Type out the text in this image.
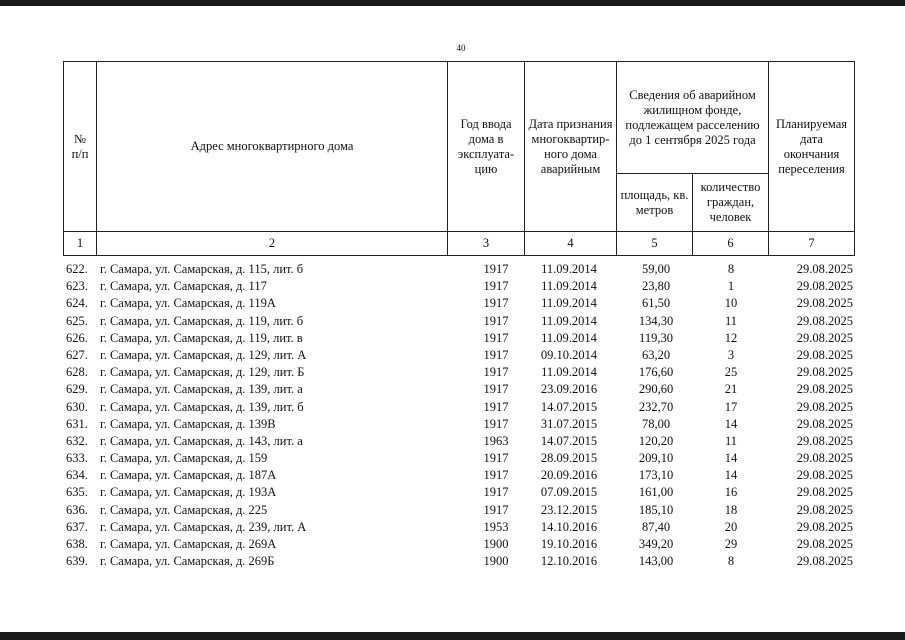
40
№
п/п	Адрес многоквартирного дома	Год ввода дома в эксплуата-цию	Дата признания многоквартир-ного дома аварийным	Сведения об аварийном жилищном фонде, подлежащем расселению до 1 сентября 2025 года		Планируемая дата окончания переселения
				площадь, кв. метров	количество граждан, человек	
1	2	3	4	5	6	7
622. г. Самара, ул. Самарская, д. 115, лит. б	1917	11.09.2014	59,00	8	29.08.2025
623. г. Самара, ул. Самарская, д. 117	1917	11.09.2014	23,80	1	29.08.2025
624. г. Самара, ул. Самарская, д. 119А	1917	11.09.2014	61,50	10	29.08.2025
625. г. Самара, ул. Самарская, д. 119, лит. б	1917	11.09.2014	134,30	11	29.08.2025
626. г. Самара, ул. Самарская, д. 119, лит. в	1917	11.09.2014	119,30	12	29.08.2025
627. г. Самара, ул. Самарская, д. 129, лит. А	1917	09.10.2014	63,20	3	29.08.2025
628. г. Самара, ул. Самарская, д. 129, лит. Б	1917	11.09.2014	176,60	25	29.08.2025
629. г. Самара, ул. Самарская, д. 139, лит. а	1917	23.09.2016	290,60	21	29.08.2025
630. г. Самара, ул. Самарская, д. 139, лит. б	1917	14.07.2015	232,70	17	29.08.2025
631. г. Самара, ул. Самарская, д. 139В	1917	31.07.2015	78,00	14	29.08.2025
632. г. Самара, ул. Самарская, д. 143, лит. а	1963	14.07.2015	120,20	11	29.08.2025
633. г. Самара, ул. Самарская, д. 159	1917	28.09.2015	209,10	14	29.08.2025
634. г. Самара, ул. Самарская, д. 187А	1917	20.09.2016	173,10	14	29.08.2025
635. г. Самара, ул. Самарская, д. 193А	1917	07.09.2015	161,00	16	29.08.2025
636. г. Самара, ул. Самарская, д. 225	1917	23.12.2015	185,10	18	29.08.2025
637. г. Самара, ул. Самарская, д. 239, лит. А	1953	14.10.2016	87,40	20	29.08.2025
638. г. Самара, ул. Самарская, д. 269А	1900	19.10.2016	349,20	29	29.08.2025
639. г. Самара, ул. Самарская, д. 269Б	1900	12.10.2016	143,00	8	29.08.2025
